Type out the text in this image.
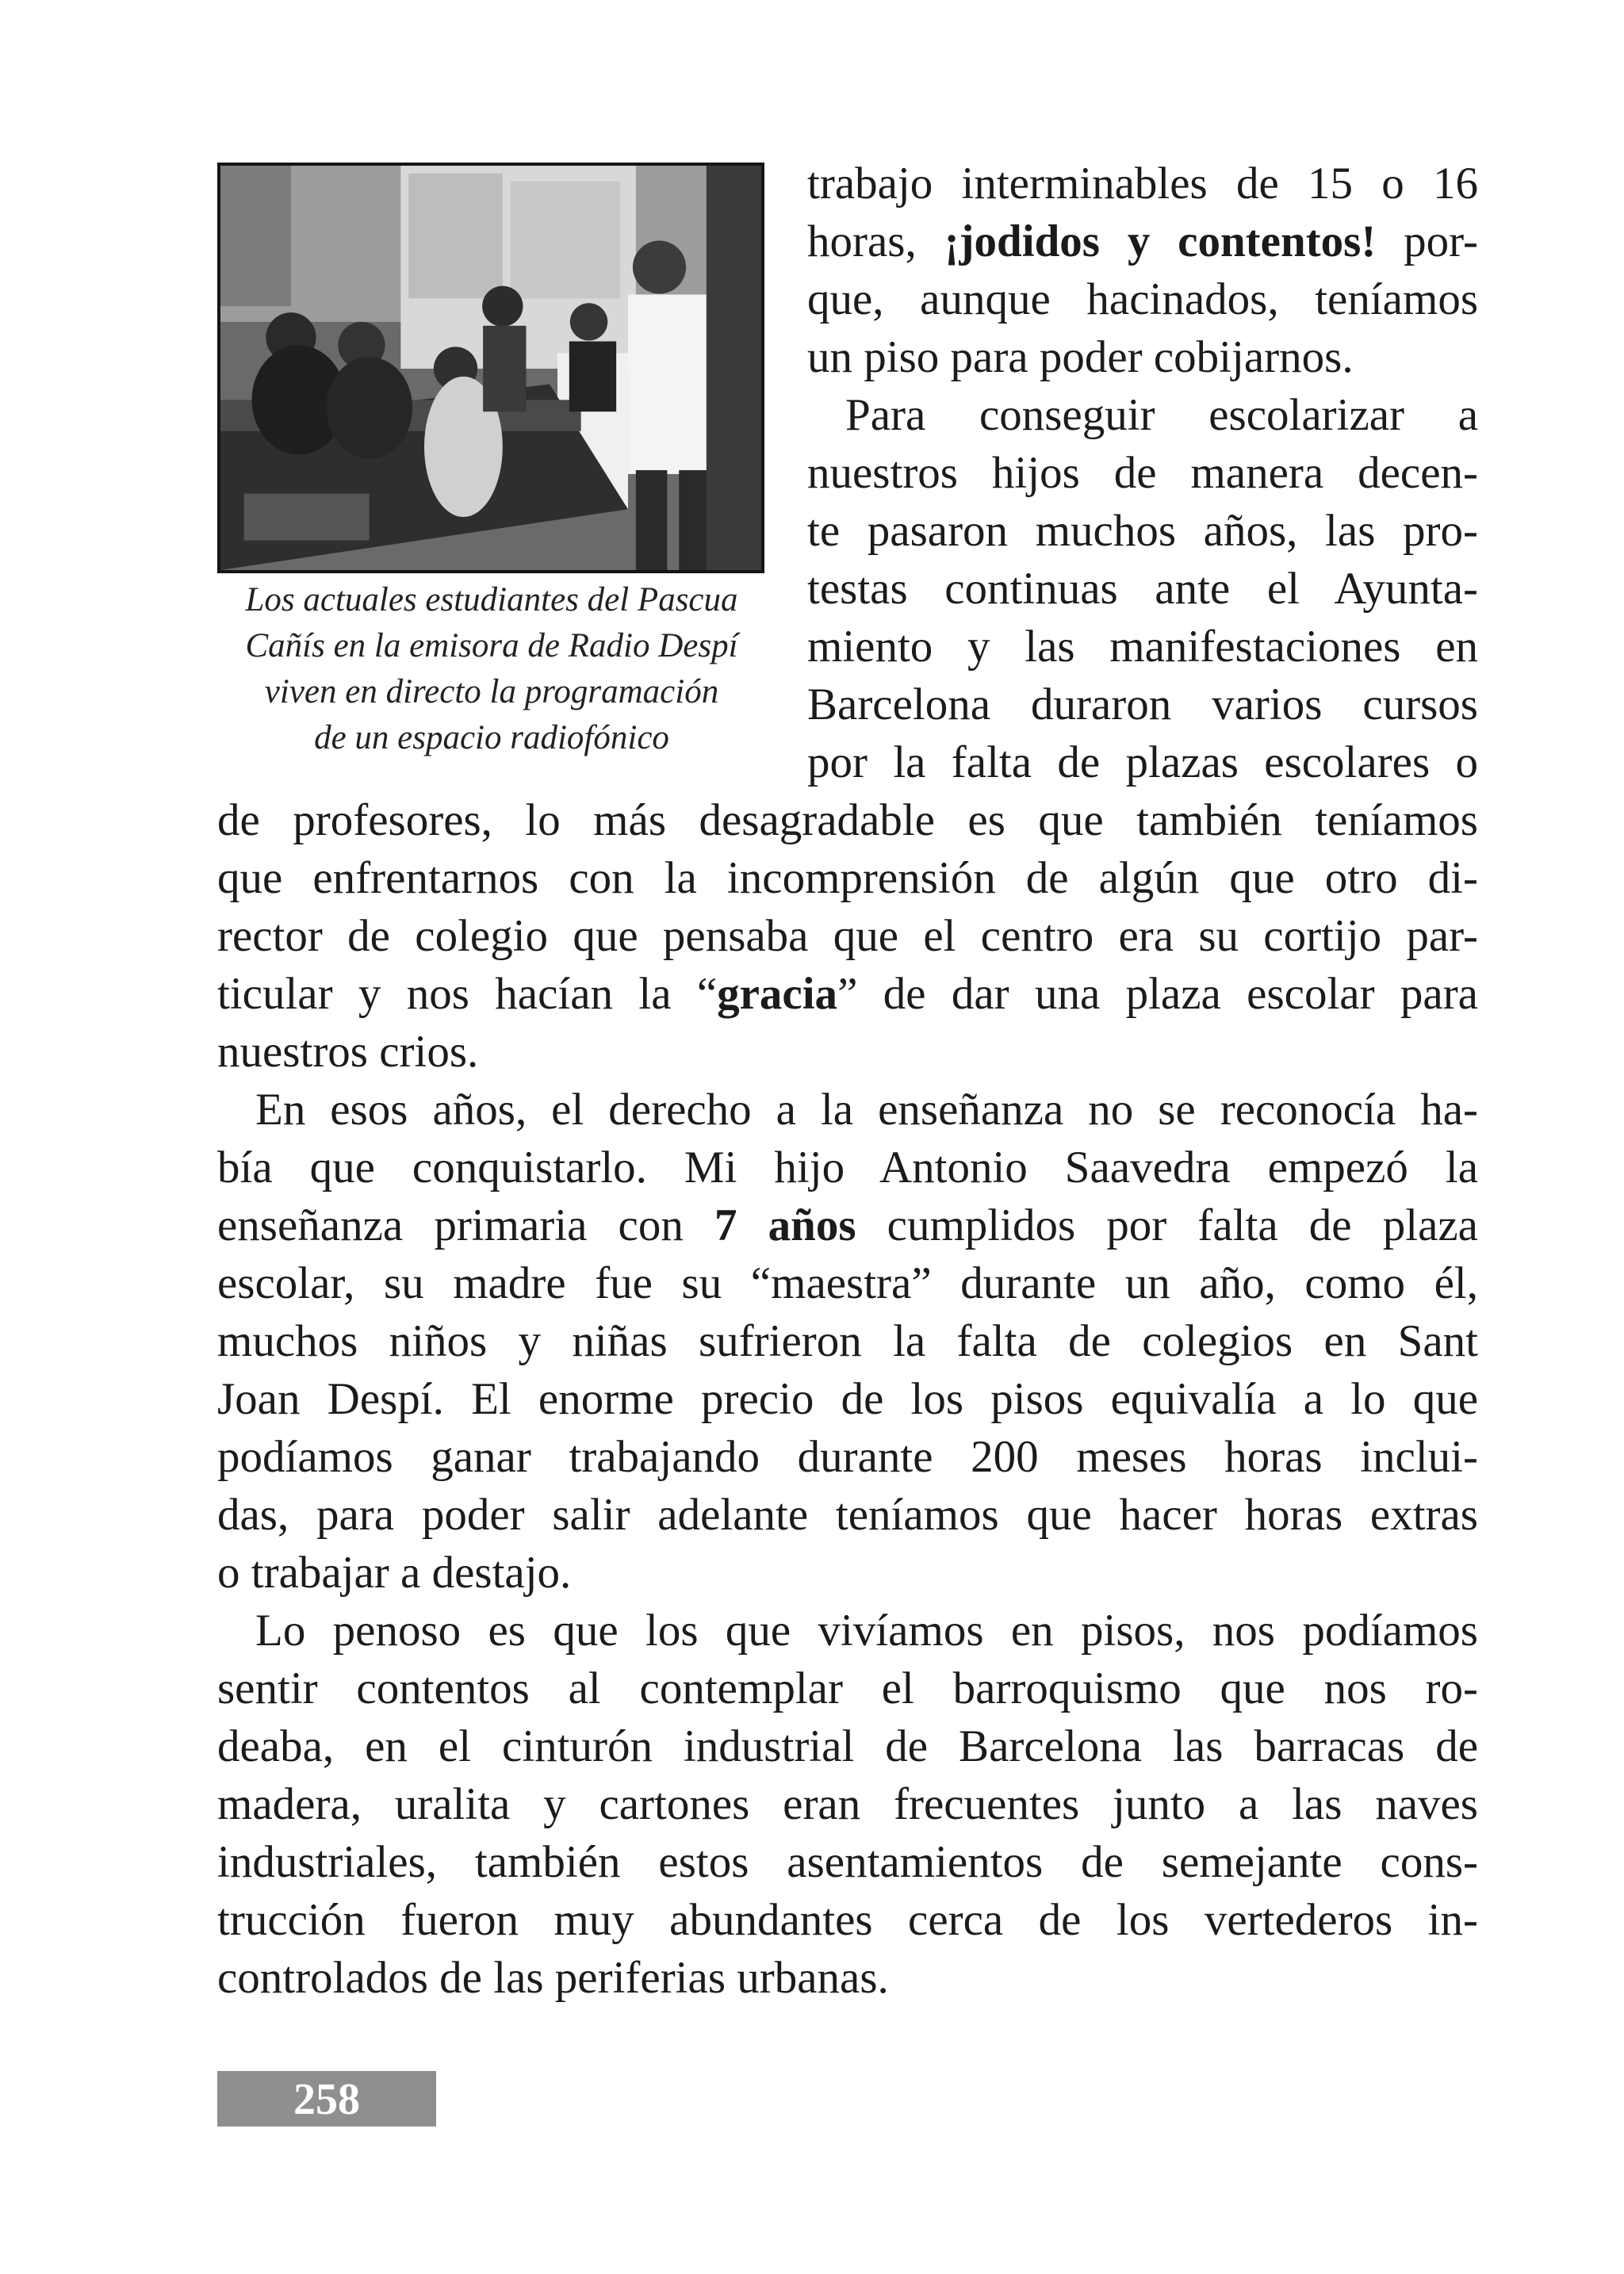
Los actuales estudiantes del Pascua
Cañís en la emisora de Radio Despí
viven en directo la programación
de un espacio radiofónico
trabajo interminables de 15 o 16
horas, ¡jodidos y contentos! por-
que, aunque hacinados, teníamos
un piso para poder cobijarnos.
Para conseguir escolarizar a
nuestros hijos de manera decen-
te pasaron muchos años, las pro-
testas continuas ante el Ayunta-
miento y las manifestaciones en
Barcelona duraron varios cursos
por la falta de plazas escolares o
de profesores, lo más desagradable es que también teníamos
que enfrentarnos con la incomprensión de algún que otro di-
rector de colegio que pensaba que el centro era su cortijo par-
ticular y nos hacían la “gracia” de dar una plaza escolar para
nuestros crios.
En esos años, el derecho a la enseñanza no se reconocía ha-
bía que conquistarlo. Mi hijo Antonio Saavedra empezó la
enseñanza primaria con 7 años cumplidos por falta de plaza
escolar, su madre fue su “maestra” durante un año, como él,
muchos niños y niñas sufrieron la falta de colegios en Sant
Joan Despí. El enorme precio de los pisos equivalía a lo que
podíamos ganar trabajando durante 200 meses horas inclui-
das, para poder salir adelante teníamos que hacer horas extras
o trabajar a destajo.
Lo penoso es que los que vivíamos en pisos, nos podíamos
sentir contentos al contemplar el barroquismo que nos ro-
deaba, en el cinturón industrial de Barcelona las barracas de
madera, uralita y cartones eran frecuentes junto a las naves
industriales, también estos asentamientos de semejante cons-
trucción fueron muy abundantes cerca de los vertederos in-
controlados de las periferias urbanas.
258
